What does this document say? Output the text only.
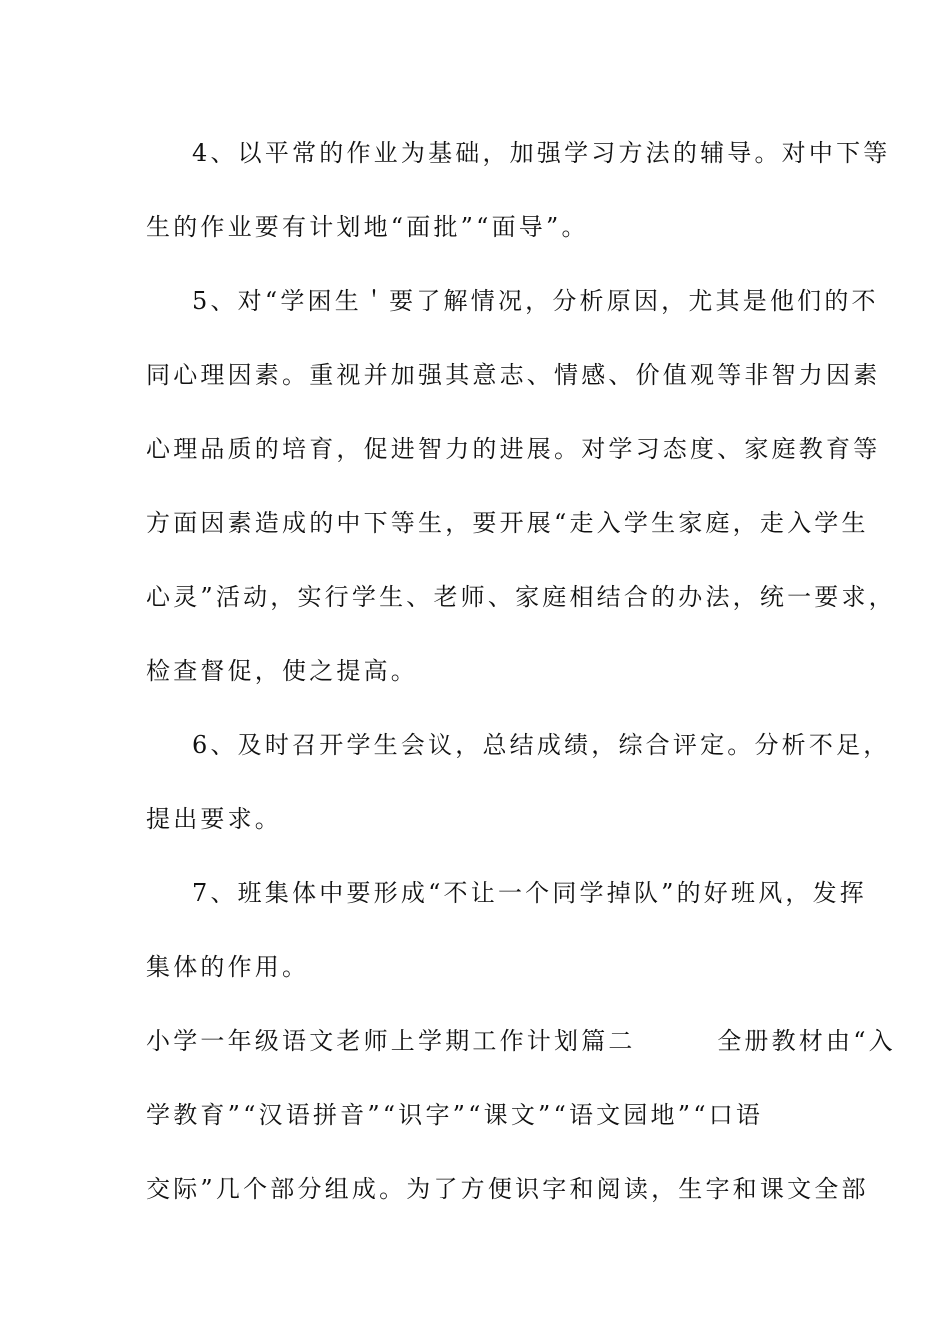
4、以平常的作业为基础，加强学习方法的辅导。对中下等
生的作业要有计划地“面批”“面导”。
5、对“学困生＇要了解情况，分析原因，尤其是他们的不
同心理因素。重视并加强其意志、情感、价值观等非智力因素
心理品质的培育，促进智力的进展。对学习态度、家庭教育等
方面因素造成的中下等生，要开展“走入学生家庭，走入学生
心灵”活动，实行学生、老师、家庭相结合的办法，统一要求，
检查督促，使之提高。
6、及时召开学生会议，总结成绩，综合评定。分析不足，
提出要求。
7、班集体中要形成“不让一个同学掉队”的好班风，发挥
集体的作用。
小学一年级语文老师上学期工作计划篇二　　　全册教材由“入
学教育”“汉语拼音”“识字”“课文”“语文园地”“口语
交际”几个部分组成。为了方便识字和阅读，生字和课文全部
